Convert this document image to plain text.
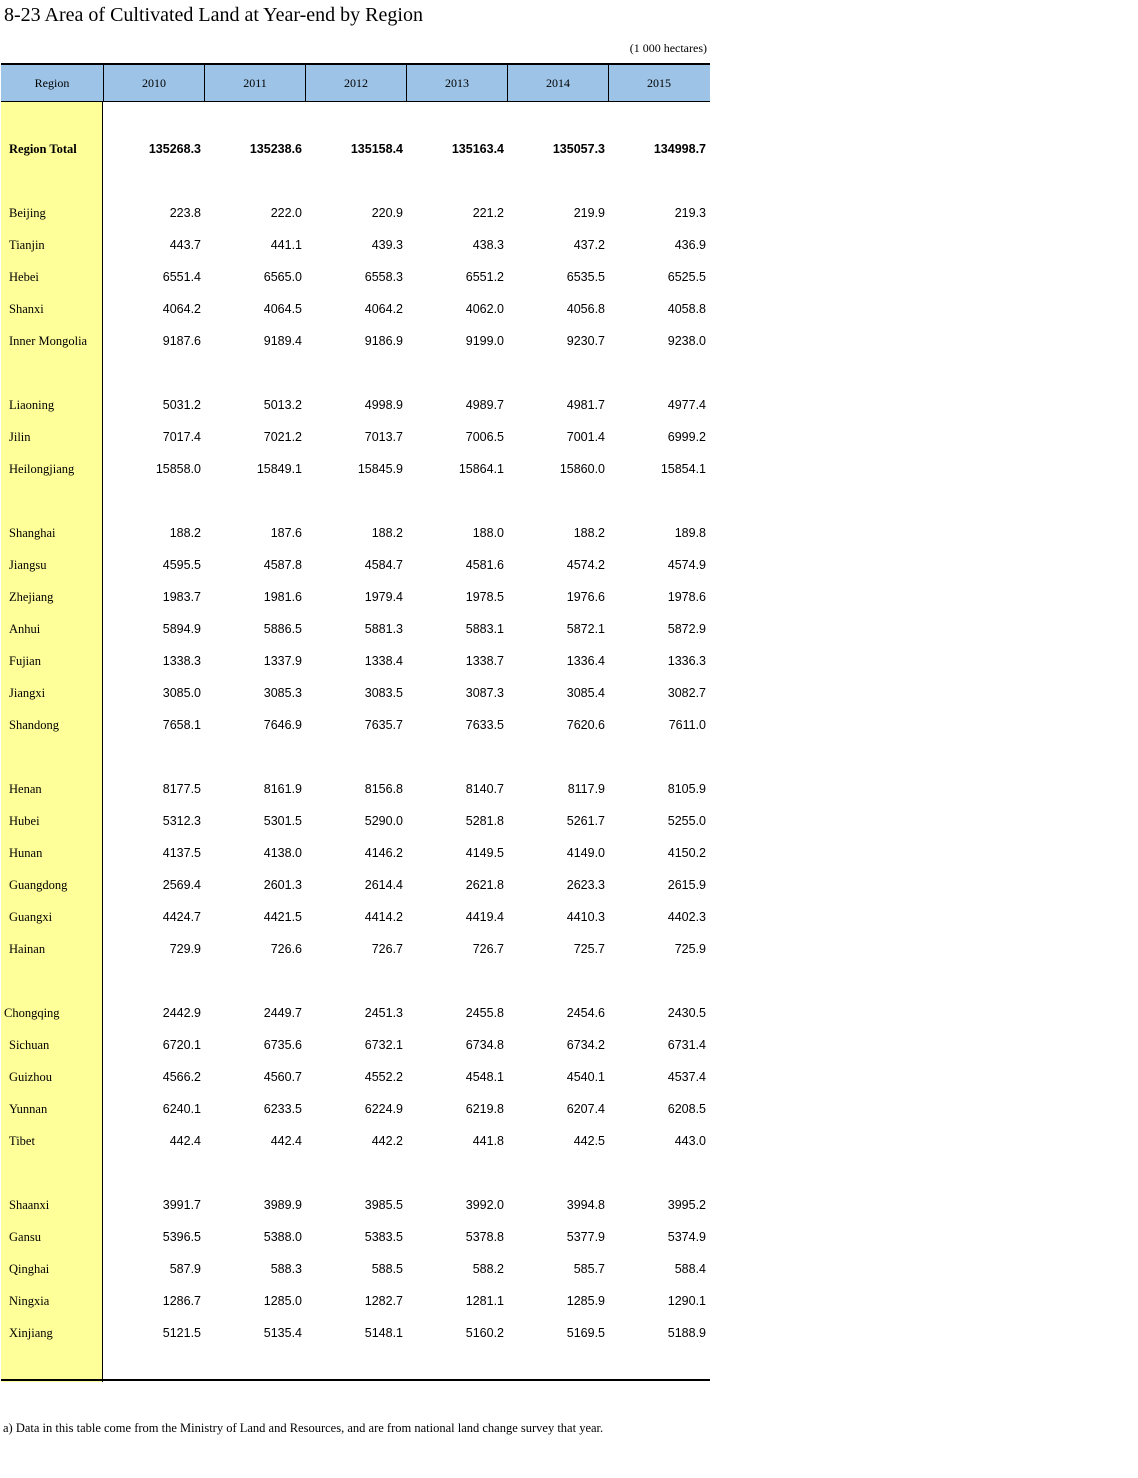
8-23 Area of Cultivated Land at Year-end by Region
(1 000 hectares)
Region	2010	2011	2012	2013	2014	2015
Region Total	135268.3	135238.6	135158.4	135163.4	135057.3	134998.7
Beijing	223.8	222.0	220.9	221.2	219.9	219.3
Tianjin	443.7	441.1	439.3	438.3	437.2	436.9
Hebei	6551.4	6565.0	6558.3	6551.2	6535.5	6525.5
Shanxi	4064.2	4064.5	4064.2	4062.0	4056.8	4058.8
Inner Mongolia	9187.6	9189.4	9186.9	9199.0	9230.7	9238.0
Liaoning	5031.2	5013.2	4998.9	4989.7	4981.7	4977.4
Jilin	7017.4	7021.2	7013.7	7006.5	7001.4	6999.2
Heilongjiang	15858.0	15849.1	15845.9	15864.1	15860.0	15854.1
Shanghai	188.2	187.6	188.2	188.0	188.2	189.8
Jiangsu	4595.5	4587.8	4584.7	4581.6	4574.2	4574.9
Zhejiang	1983.7	1981.6	1979.4	1978.5	1976.6	1978.6
Anhui	5894.9	5886.5	5881.3	5883.1	5872.1	5872.9
Fujian	1338.3	1337.9	1338.4	1338.7	1336.4	1336.3
Jiangxi	3085.0	3085.3	3083.5	3087.3	3085.4	3082.7
Shandong	7658.1	7646.9	7635.7	7633.5	7620.6	7611.0
Henan	8177.5	8161.9	8156.8	8140.7	8117.9	8105.9
Hubei	5312.3	5301.5	5290.0	5281.8	5261.7	5255.0
Hunan	4137.5	4138.0	4146.2	4149.5	4149.0	4150.2
Guangdong	2569.4	2601.3	2614.4	2621.8	2623.3	2615.9
Guangxi	4424.7	4421.5	4414.2	4419.4	4410.3	4402.3
Hainan	729.9	726.6	726.7	726.7	725.7	725.9
Chongqing	2442.9	2449.7	2451.3	2455.8	2454.6	2430.5
Sichuan	6720.1	6735.6	6732.1	6734.8	6734.2	6731.4
Guizhou	4566.2	4560.7	4552.2	4548.1	4540.1	4537.4
Yunnan	6240.1	6233.5	6224.9	6219.8	6207.4	6208.5
Tibet	442.4	442.4	442.2	441.8	442.5	443.0
Shaanxi	3991.7	3989.9	3985.5	3992.0	3994.8	3995.2
Gansu	5396.5	5388.0	5383.5	5378.8	5377.9	5374.9
Qinghai	587.9	588.3	588.5	588.2	585.7	588.4
Ningxia	1286.7	1285.0	1282.7	1281.1	1285.9	1290.1
Xinjiang	5121.5	5135.4	5148.1	5160.2	5169.5	5188.9
a) Data in this table come from the Ministry of Land and Resources, and are from national land change survey that year.
